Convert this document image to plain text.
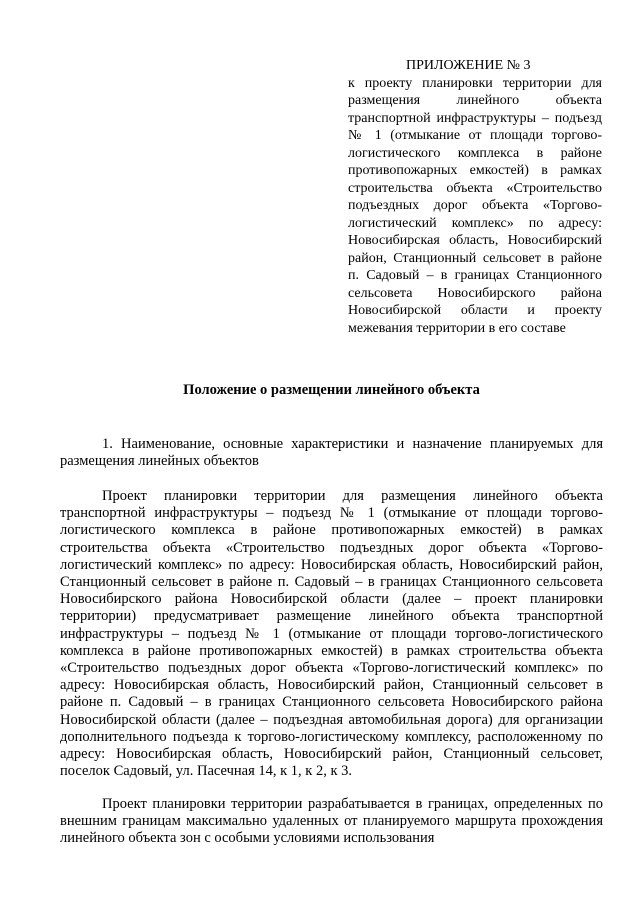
ПРИЛОЖЕНИЕ № 3
к проекту планировки территории для размещения линейного объекта транспортной инфраструктуры – подъезд № 1 (отмыкание от площади торгово-логистического комплекса в районе противопожарных емкостей) в рамках строительства объекта «Строительство подъездных дорог объекта «Торгово-логистический комплекс» по адресу: Новосибирская область, Новосибирский район, Станционный сельсовет в районе п. Садовый – в границах Станционного сельсовета Новосибирского района Новосибирской области и проекту межевания территории в его составе
Положение о размещении линейного объекта

1. Наименование, основные характеристики и назначение планируемых для размещения линейных объектов

Проект планировки территории для размещения линейного объекта транспортной инфраструктуры – подъезд № 1 (отмыкание от площади торгово-логистического комплекса в районе противопожарных емкостей) в рамках строительства объекта «Строительство подъездных дорог объекта «Торгово-логистический комплекс» по адресу: Новосибирская область, Новосибирский район, Станционный сельсовет в районе п. Садовый – в границах Станционного сельсовета Новосибирского района Новосибирской области (далее – проект планировки территории) предусматривает размещение линейного объекта транспортной инфраструктуры – подъезд № 1 (отмыкание от площади торгово-логистического комплекса в районе противопожарных емкостей) в рамках строительства объекта «Строительство подъездных дорог объекта «Торгово-логистический комплекс» по адресу: Новосибирская область, Новосибирский район, Станционный сельсовет в районе п. Садовый – в границах Станционного сельсовета Новосибирского района Новосибирской области (далее – подъездная автомобильная дорога) для организации дополнительного подъезда к торгово-логистическому комплексу, расположенному по адресу: Новосибирская область, Новосибирский район, Станционный сельсовет, поселок Садовый, ул. Пасечная 14, к 1, к 2, к 3.

Проект планировки территории разрабатывается в границах, определенных по внешним границам максимально удаленных от планируемого маршрута прохождения линейного объекта зон с особыми условиями использования
